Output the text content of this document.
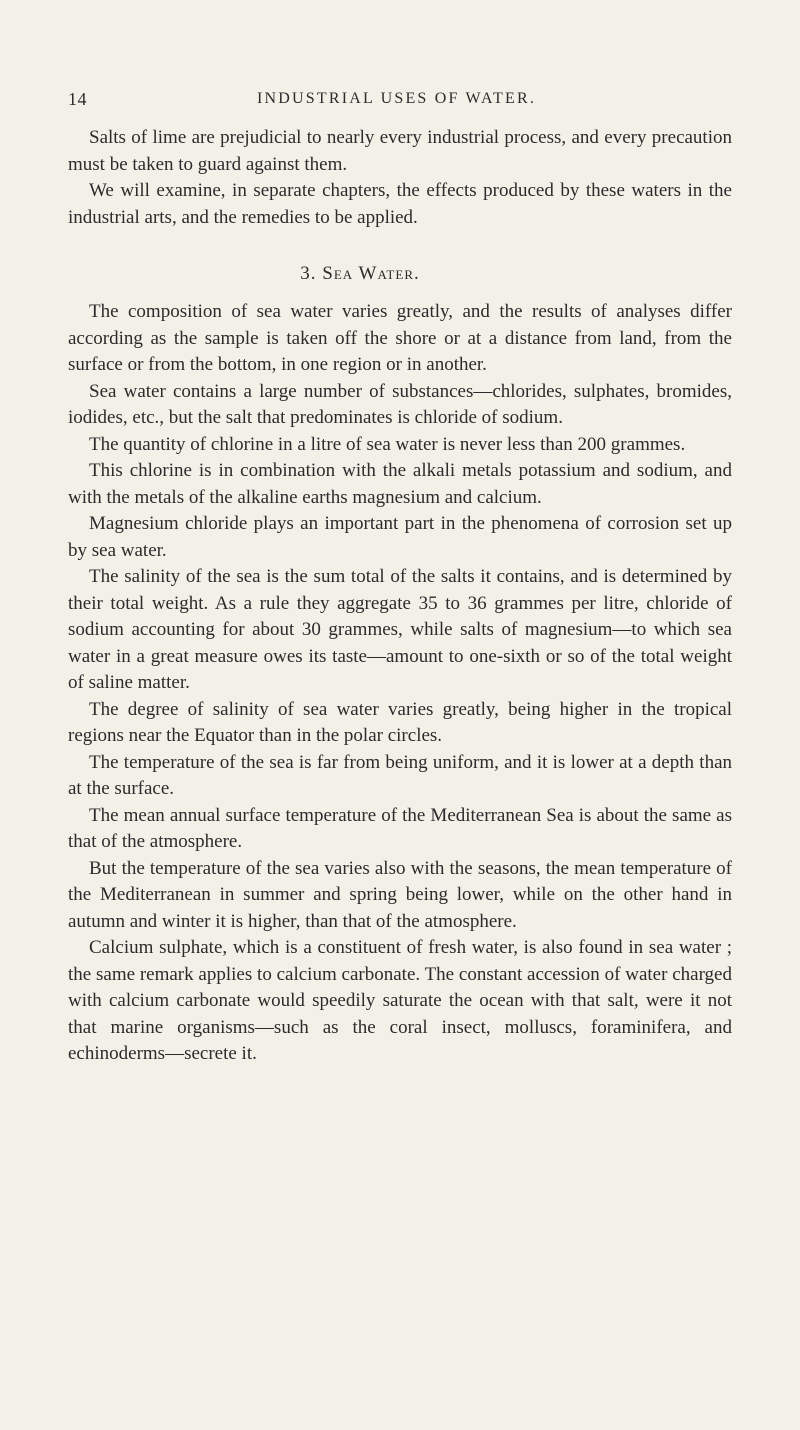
14	INDUSTRIAL USES OF WATER.

Salts of lime are prejudicial to nearly every industrial process, and every precaution must be taken to guard against them.

We will examine, in separate chapters, the effects produced by these waters in the industrial arts, and the remedies to be applied.

3. Sea Water.

The composition of sea water varies greatly, and the results of analyses differ according as the sample is taken off the shore or at a distance from land, from the surface or from the bottom, in one region or in another.

Sea water contains a large number of substances—chlorides, sulphates, bromides, iodides, etc., but the salt that predominates is chloride of sodium.

The quantity of chlorine in a litre of sea water is never less than 200 grammes.

This chlorine is in combination with the alkali metals potassium and sodium, and with the metals of the alkaline earths magnesium and calcium.

Magnesium chloride plays an important part in the phenomena of corrosion set up by sea water.

The salinity of the sea is the sum total of the salts it contains, and is determined by their total weight. As a rule they aggregate 35 to 36 grammes per litre, chloride of sodium accounting for about 30 grammes, while salts of magnesium—to which sea water in a great measure owes its taste—amount to one-sixth or so of the total weight of saline matter.

The degree of salinity of sea water varies greatly, being higher in the tropical regions near the Equator than in the polar circles.

The temperature of the sea is far from being uniform, and it is lower at a depth than at the surface.

The mean annual surface temperature of the Mediterranean Sea is about the same as that of the atmosphere.

But the temperature of the sea varies also with the seasons, the mean temperature of the Mediterranean in summer and spring being lower, while on the other hand in autumn and winter it is higher, than that of the atmosphere.

Calcium sulphate, which is a constituent of fresh water, is also found in sea water ; the same remark applies to calcium carbonate. The constant accession of water charged with calcium carbonate would speedily saturate the ocean with that salt, were it not that marine organisms—such as the coral insect, molluscs, foraminifera, and echinoderms—secrete it.
